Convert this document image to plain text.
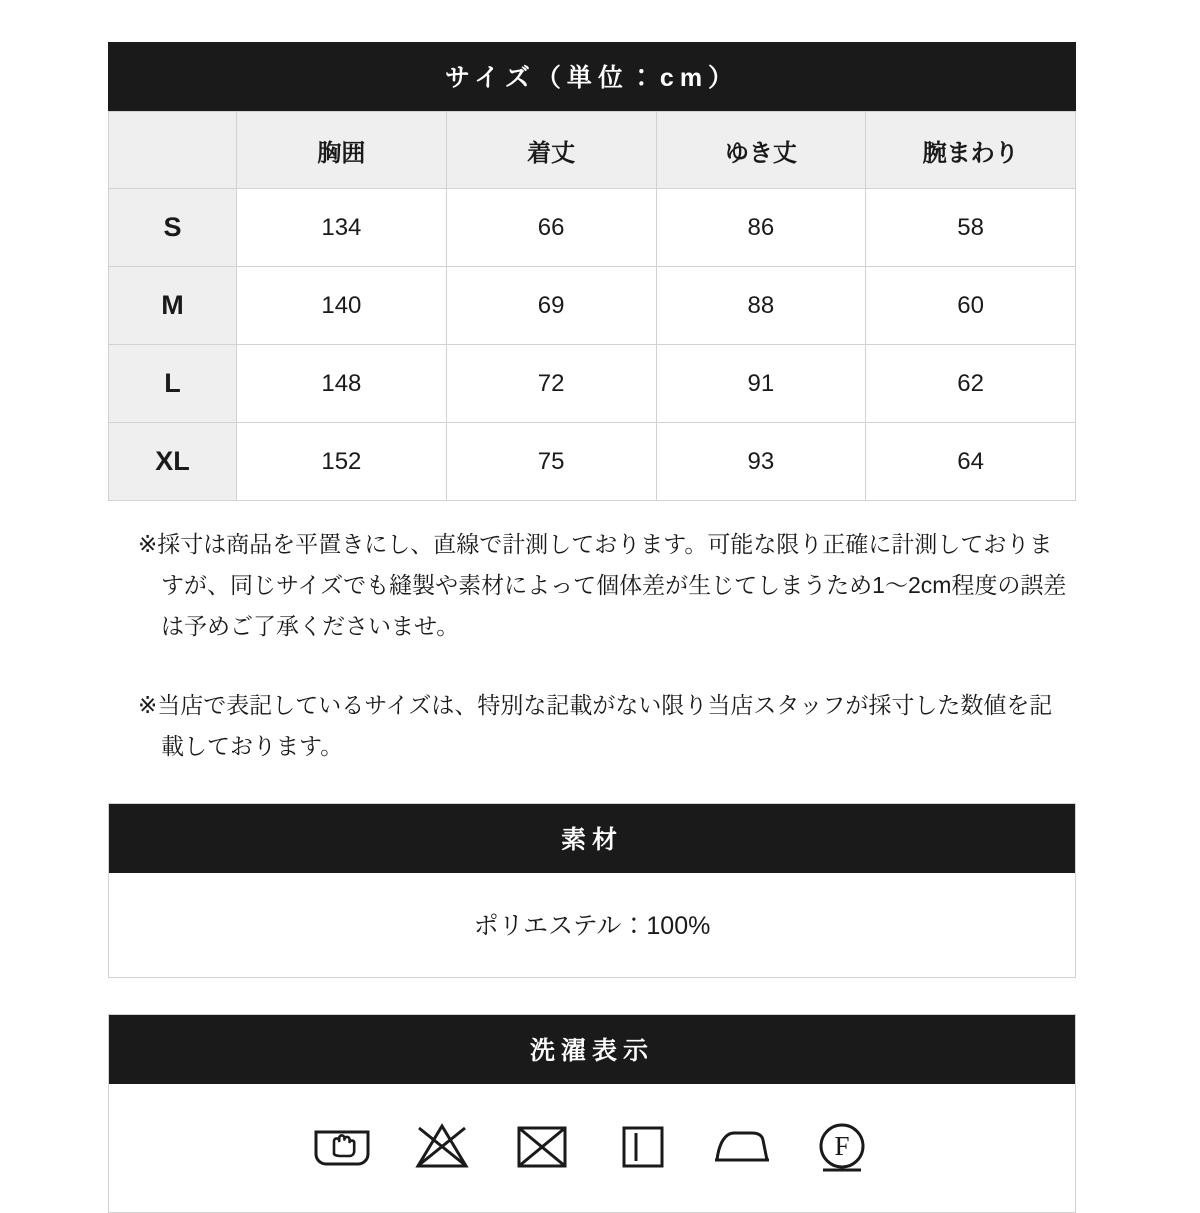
サイズ（単位：cm）
	胸囲	着丈	ゆき丈	腕まわり
S	134	66	86	58
M	140	69	88	60
L	148	72	91	62
XL	152	75	93	64

※採寸は商品を平置きにし、直線で計測しております。可能な限り正確に計測しておりますが、同じサイズでも縫製や素材によって個体差が生じてしまうため1〜2cm程度の誤差は予めご了承くださいませ。

※当店で表記しているサイズは、特別な記載がない限り当店スタッフが採寸した数値を記載しております。

素材
ポリエステル：100%
洗濯表示
F
